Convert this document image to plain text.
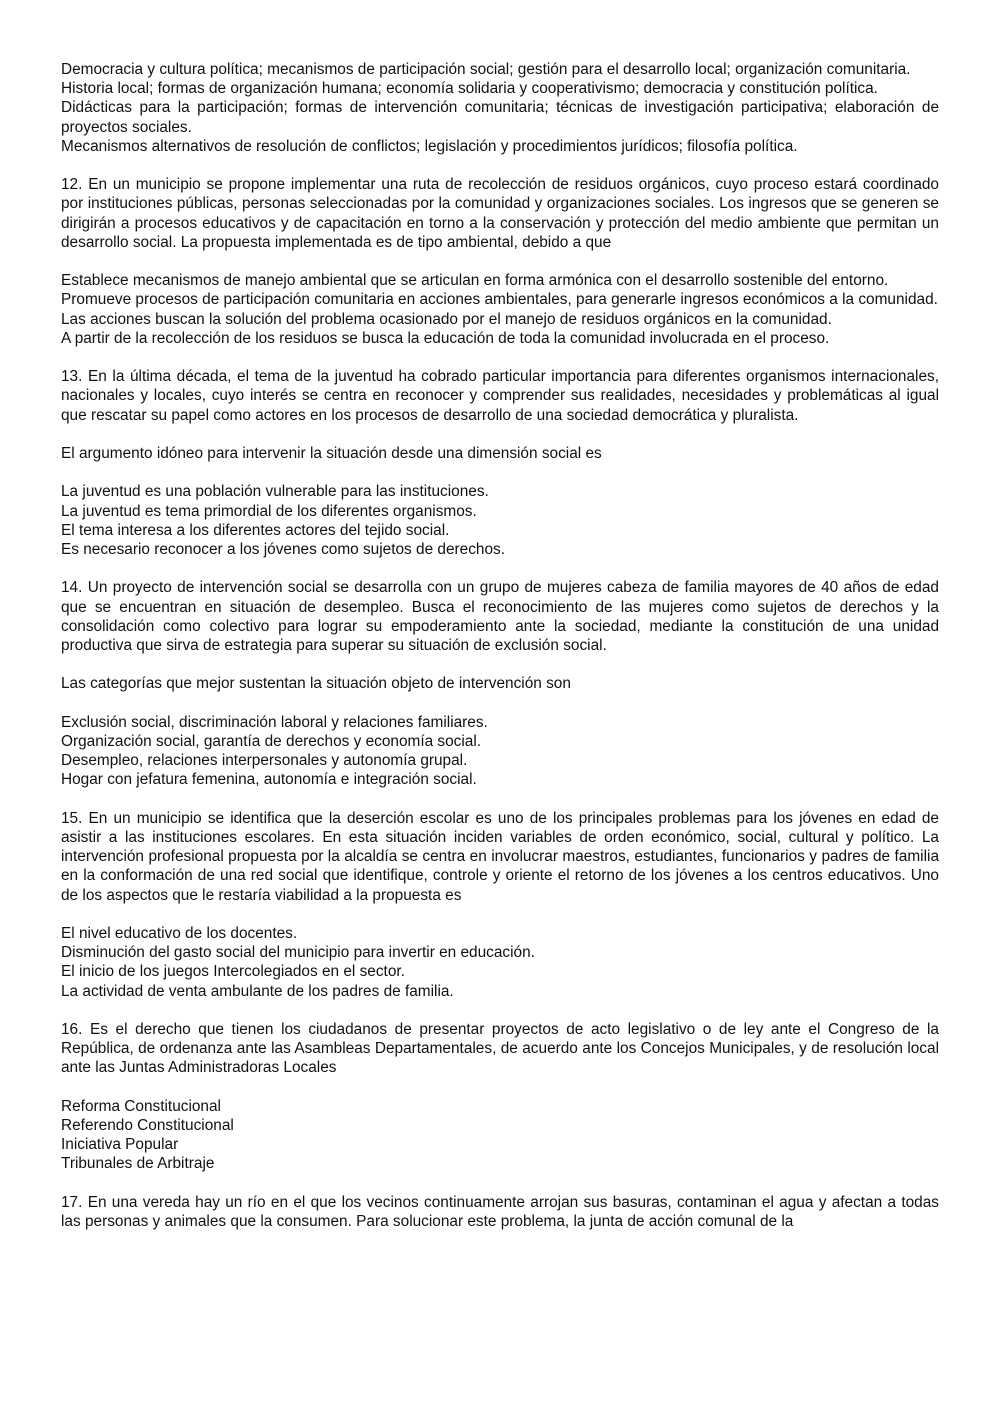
Democracia y cultura política; mecanismos de participación social; gestión para el desarrollo local; organización comunitaria.

Historia local; formas de organización humana; economía solidaria y cooperativismo; democracia y constitución política.

Didácticas para la participación; formas de intervención comunitaria; técnicas de investigación participativa; elaboración de proyectos sociales.

Mecanismos alternativos de resolución de conflictos; legislación y procedimientos jurídicos; filosofía política.

12. En un municipio se propone implementar una ruta de recolección de residuos orgánicos, cuyo proceso estará coordinado por instituciones públicas, personas seleccionadas por la comunidad y organizaciones sociales. Los ingresos que se generen se dirigirán a procesos educativos y de capacitación en torno a la conservación y protección del medio ambiente que permitan un desarrollo social. La propuesta implementada es de tipo ambiental, debido a que

Establece mecanismos de manejo ambiental que se articulan en forma armónica con el desarrollo sostenible del entorno.

Promueve procesos de participación comunitaria en acciones ambientales, para generarle ingresos económicos a la comunidad.

Las acciones buscan la solución del problema ocasionado por el manejo de residuos orgánicos en la comunidad.

A partir de la recolección de los residuos se busca la educación de toda la comunidad involucrada en el proceso.

13. En la última década, el tema de la juventud ha cobrado particular importancia para diferentes organismos internacionales, nacionales y locales, cuyo interés se centra en reconocer y comprender sus realidades, necesidades y problemáticas al igual que rescatar su papel como actores en los procesos de desarrollo de una sociedad democrática y pluralista.

El argumento idóneo para intervenir la situación desde una dimensión social es

La juventud es una población vulnerable para las instituciones.

La juventud es tema primordial de los diferentes organismos.

El tema interesa a los diferentes actores del tejido social.

Es necesario reconocer a los jóvenes como sujetos de derechos.

14. Un proyecto de intervención social se desarrolla con un grupo de mujeres cabeza de familia mayores de 40 años de edad que se encuentran en situación de desempleo. Busca el reconocimiento de las mujeres como sujetos de derechos y la consolidación como colectivo para lograr su empoderamiento ante la sociedad, mediante la constitución de una unidad productiva que sirva de estrategia para superar su situación de exclusión social.

Las categorías que mejor sustentan la situación objeto de intervención son

Exclusión social, discriminación laboral y relaciones familiares.

Organización social, garantía de derechos y economía social.

Desempleo, relaciones interpersonales y autonomía grupal.

Hogar con jefatura femenina, autonomía e integración social.

15. En un municipio se identifica que la deserción escolar es uno de los principales problemas para los jóvenes en edad de asistir a las instituciones escolares. En esta situación inciden variables de orden económico, social, cultural y político. La intervención profesional propuesta por la alcaldía se centra en involucrar maestros, estudiantes, funcionarios y padres de familia en la conformación de una red social que identifique, controle y oriente el retorno de los jóvenes a los centros educativos. Uno de los aspectos que le restaría viabilidad a la propuesta es

El nivel educativo de los docentes.

Disminución del gasto social del municipio para invertir en educación.

El inicio de los juegos Intercolegiados en el sector.

La actividad de venta ambulante de los padres de familia.

16. Es el derecho que tienen los ciudadanos de presentar proyectos de acto legislativo o de ley ante el Congreso de la República, de ordenanza ante las Asambleas Departamentales, de acuerdo ante los Concejos Municipales, y de resolución local ante las Juntas Administradoras Locales

Reforma Constitucional

Referendo Constitucional

Iniciativa Popular

Tribunales de Arbitraje

17. En una vereda hay un río en el que los vecinos continuamente arrojan sus basuras, contaminan el agua y afectan a todas las personas y animales que la consumen. Para solucionar este problema, la junta de acción comunal de la
